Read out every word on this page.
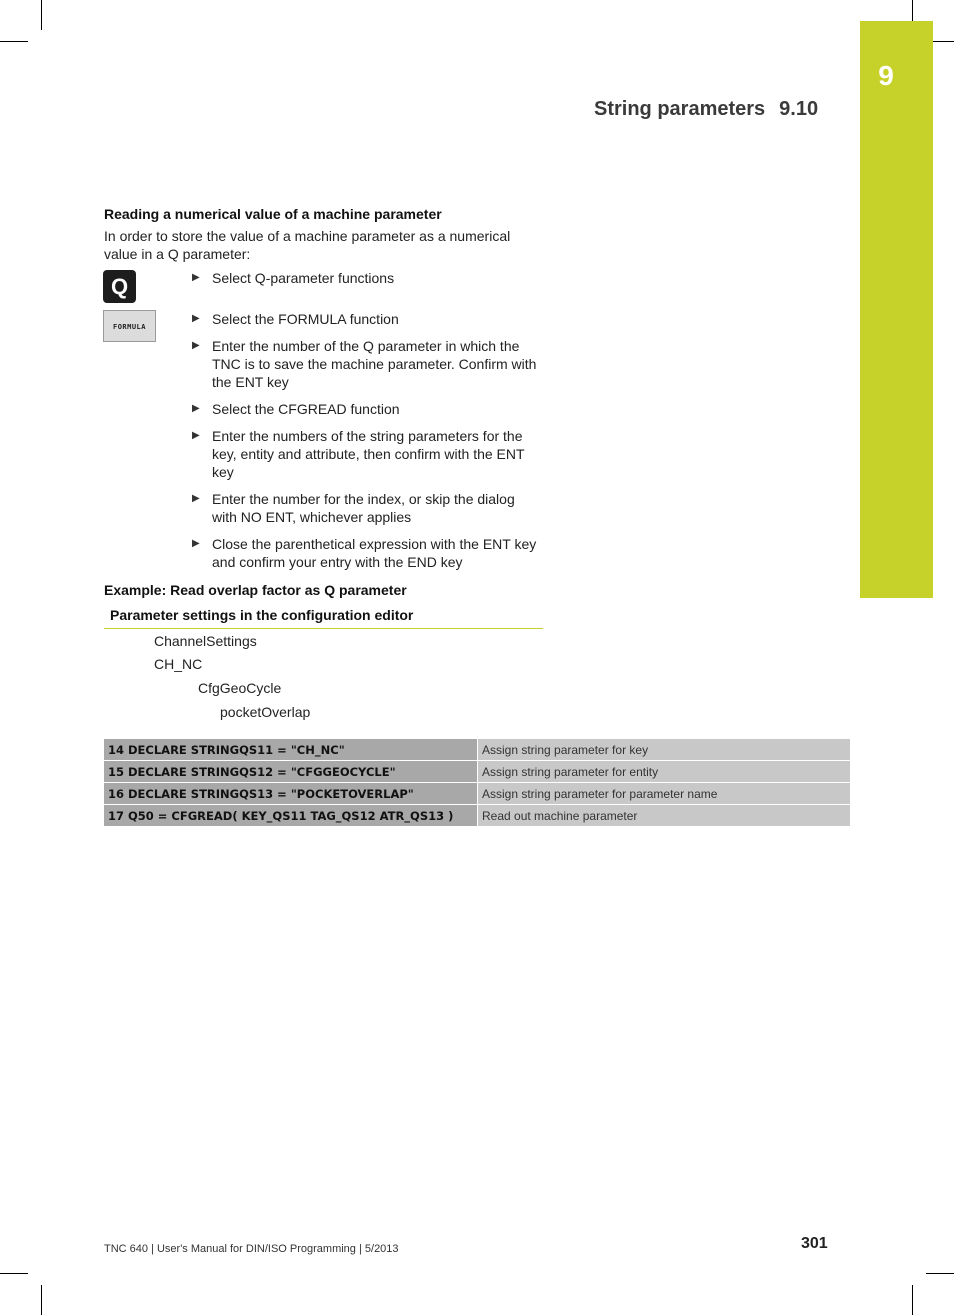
9
String parameters 9.10
Reading a numerical value of a machine parameter
In order to store the value of a machine parameter as a numerical value in a Q parameter:
Q
FORMULA
▶ Select Q-parameter functions
▶ Select the FORMULA function
▶ Enter the number of the Q parameter in which the TNC is to save the machine parameter. Confirm with the ENT key
▶ Select the CFGREAD function
▶ Enter the numbers of the string parameters for the key, entity and attribute, then confirm with the ENT key
▶ Enter the number for the index, or skip the dialog with NO ENT, whichever applies
▶ Close the parenthetical expression with the ENT key and confirm your entry with the END key
Example: Read overlap factor as Q parameter
Parameter settings in the configuration editor
ChannelSettings
CH_NC
CfgGeoCycle
pocketOverlap
14 DECLARE STRINGQS11 = "CH_NC"	Assign string parameter for key
15 DECLARE STRINGQS12 = "CFGGEOCYCLE"	Assign string parameter for entity
16 DECLARE STRINGQS13 = "POCKETOVERLAP"	Assign string parameter for parameter name
17 Q50 = CFGREAD( KEY_QS11 TAG_QS12 ATR_QS13 )	Read out machine parameter
TNC 640 | User's Manual for DIN/ISO Programming | 5/2013	301
